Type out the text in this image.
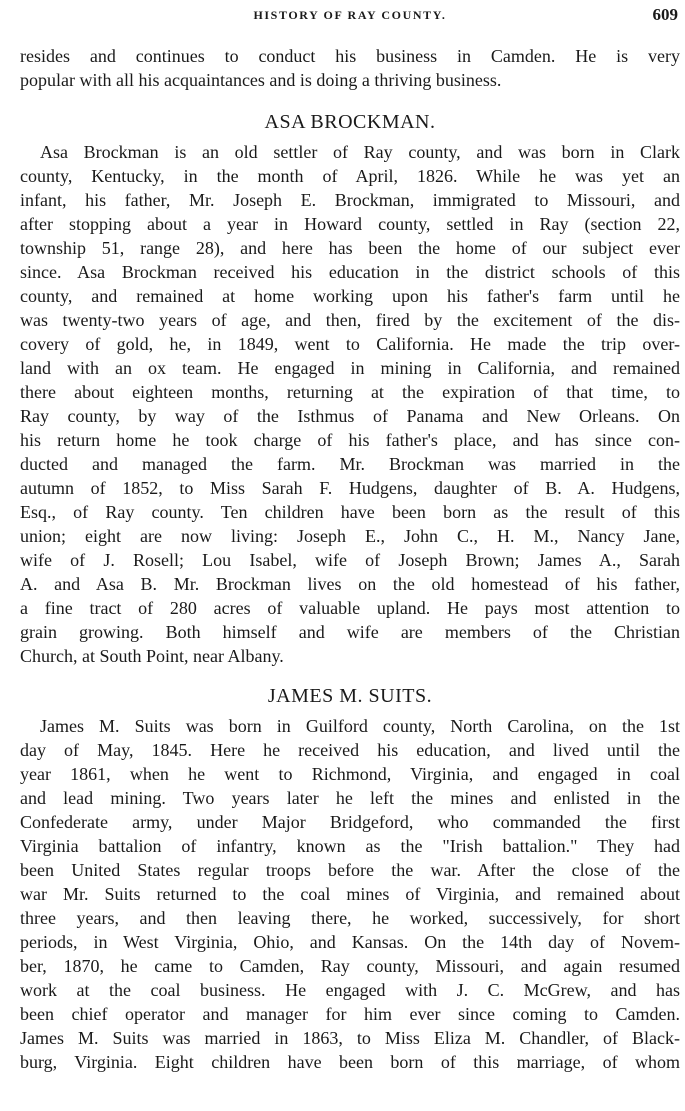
HISTORY OF RAY COUNTY.	609

resides and continues to conduct his business in Camden. He is very
popular with all his acquaintances and is doing a thriving business.

ASA BROCKMAN.

Asa Brockman is an old settler of Ray county, and was born in Clark
county, Kentucky, in the month of April, 1826. While he was yet an
infant, his father, Mr. Joseph E. Brockman, immigrated to Missouri, and
after stopping about a year in Howard county, settled in Ray (section 22,
township 51, range 28), and here has been the home of our subject ever
since. Asa Brockman received his education in the district schools of this
county, and remained at home working upon his father's farm until he
was twenty-two years of age, and then, fired by the excitement of the dis-
covery of gold, he, in 1849, went to California. He made the trip over-
land with an ox team. He engaged in mining in California, and remained
there about eighteen months, returning at the expiration of that time, to
Ray county, by way of the Isthmus of Panama and New Orleans. On
his return home he took charge of his father's place, and has since con-
ducted and managed the farm. Mr. Brockman was married in the
autumn of 1852, to Miss Sarah F. Hudgens, daughter of B. A. Hudgens,
Esq., of Ray county. Ten children have been born as the result of this
union; eight are now living: Joseph E., John C., H. M., Nancy Jane,
wife of J. Rosell; Lou Isabel, wife of Joseph Brown; James A., Sarah
A. and Asa B. Mr. Brockman lives on the old homestead of his father,
a fine tract of 280 acres of valuable upland. He pays most attention to
grain growing. Both himself and wife are members of the Christian
Church, at South Point, near Albany.

JAMES M. SUITS.

James M. Suits was born in Guilford county, North Carolina, on the 1st
day of May, 1845. Here he received his education, and lived until the
year 1861, when he went to Richmond, Virginia, and engaged in coal
and lead mining. Two years later he left the mines and enlisted in the
Confederate army, under Major Bridgeford, who commanded the first
Virginia battalion of infantry, known as the "Irish battalion." They had
been United States regular troops before the war. After the close of the
war Mr. Suits returned to the coal mines of Virginia, and remained about
three years, and then leaving there, he worked, successively, for short
periods, in West Virginia, Ohio, and Kansas. On the 14th day of Novem-
ber, 1870, he came to Camden, Ray county, Missouri, and again resumed
work at the coal business. He engaged with J. C. McGrew, and has
been chief operator and manager for him ever since coming to Camden.
James M. Suits was married in 1863, to Miss Eliza M. Chandler, of Black-
burg, Virginia. Eight children have been born of this marriage, of whom
